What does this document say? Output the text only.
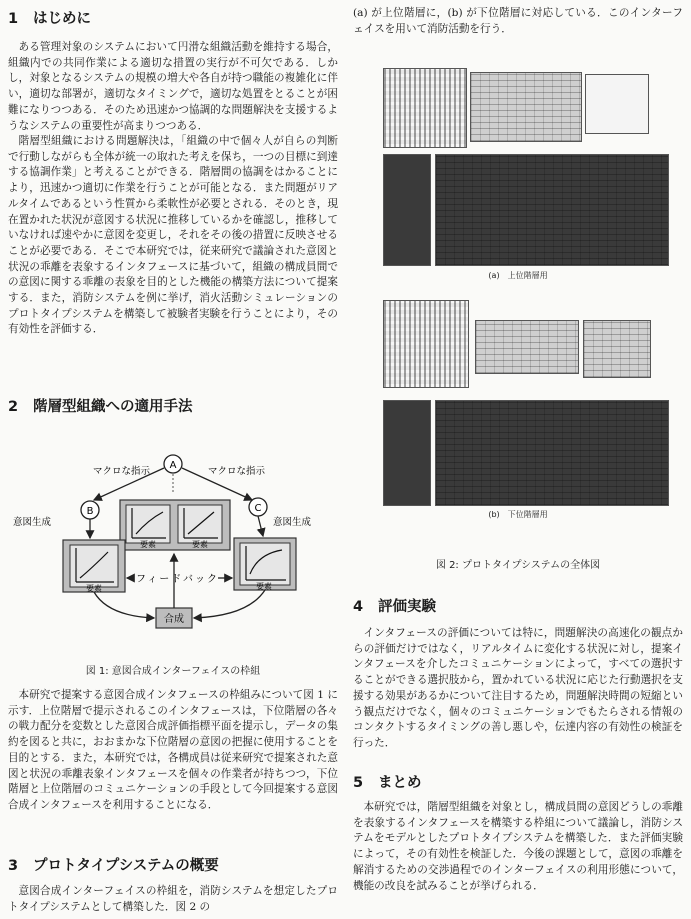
1 はじめに

ある管理対象のシステムにおいて円滑な組織活動を維持する場合，組織内での共同作業による適切な措置の実行が不可欠である．しかし，対象となるシステムの規模の増大や各自が持つ職能の複雑化に伴い，適切な部署が，適切なタイミングで，適切な処置をとることが困難になりつつある．そのため迅速かつ協調的な問題解決を支援するようなシステムの重要性が高まりつつある．

階層型組織における問題解決は，「組織の中で個々人が自らの判断で行動しながらも全体が統一の取れた考えを保ち，一つの目標に到達する協調作業」と考えることができる．階層間の協調をはかることにより，迅速かつ適切に作業を行うことが可能となる．また問題がリアルタイムであるという性質から柔軟性が必要とされる．そのとき，現在置かれた状況が意図する状況に推移しているかを確認し，推移していなければ速やかに意図を変更し，それをその後の措置に反映させることが必要である．そこで本研究では，従来研究で議論された意図と状況の乖離を表象するインタフェースに基づいて，組織の構成員間での意図に関する乖離の表象を目的とした機能の構築方法について提案する．また，消防システムを例に挙げ，消火活動シミュレーションのプロトタイプシステムを構築して被験者実験を行うことにより，その有効性を評価する．

2 階層型組織への適用手法
A
マクロな指示	マクロな指示
B	C
意図生成	意図生成
要素	要素
要素	要素
フィードバック
合成

図 1: 意図合成インターフェイスの枠組

本研究で提案する意図合成インタフェースの枠組みについて図 1 に示す．上位階層で提示されるこのインタフェースは，下位階層の各々の戦力配分を変数とした意図合成評価指標平面を提示し，データの集約を図ると共に，おおまかな下位階層の意図の把握に使用することを目的とする．また，本研究では，各構成員は従来研究で提案された意図と状況の乖離表象インタフェースを個々の作業者が持ちつつ，下位階層と上位階層のコミュニケーションの手段として今回提案する意図合成インタフェースを利用することになる．

3 プロトタイプシステムの概要

意図合成インターフェイスの枠組を，消防システムを想定したプロトタイプシステムとして構築した．図 2 の

(a) が上位階層に，(b) が下位階層に対応している．このインターフェイスを用いて消防活動を行う．

(a)　上位階層用

(b)　下位階層用

図 2: プロトタイプシステムの全体図

4 評価実験

インタフェースの評価については特に，問題解決の高速化の観点からの評価だけではなく，リアルタイムに変化する状況に対し，提案インタフェースを介したコミュニケーションによって，すべての選択することができる選択肢から，置かれている状況に応じた行動選択を支援する効果があるかについて注目するため，問題解決時間の短縮という観点だけでなく，個々のコミュニケーションでもたらされる情報のコンタクトするタイミングの善し悪しや，伝達内容の有効性の検証を行った．

5 まとめ

本研究では，階層型組織を対象とし，構成員間の意図どうしの乖離を表象するインタフェースを構築する枠組について議論し，消防システムをモデルとしたプロトタイプシステムを構築した．また評価実験によって，その有効性を検証した．今後の課題として，意図の乖離を解消するための交渉過程でのインターフェイスの利用形態について，機能の改良を試みることが挙げられる．
